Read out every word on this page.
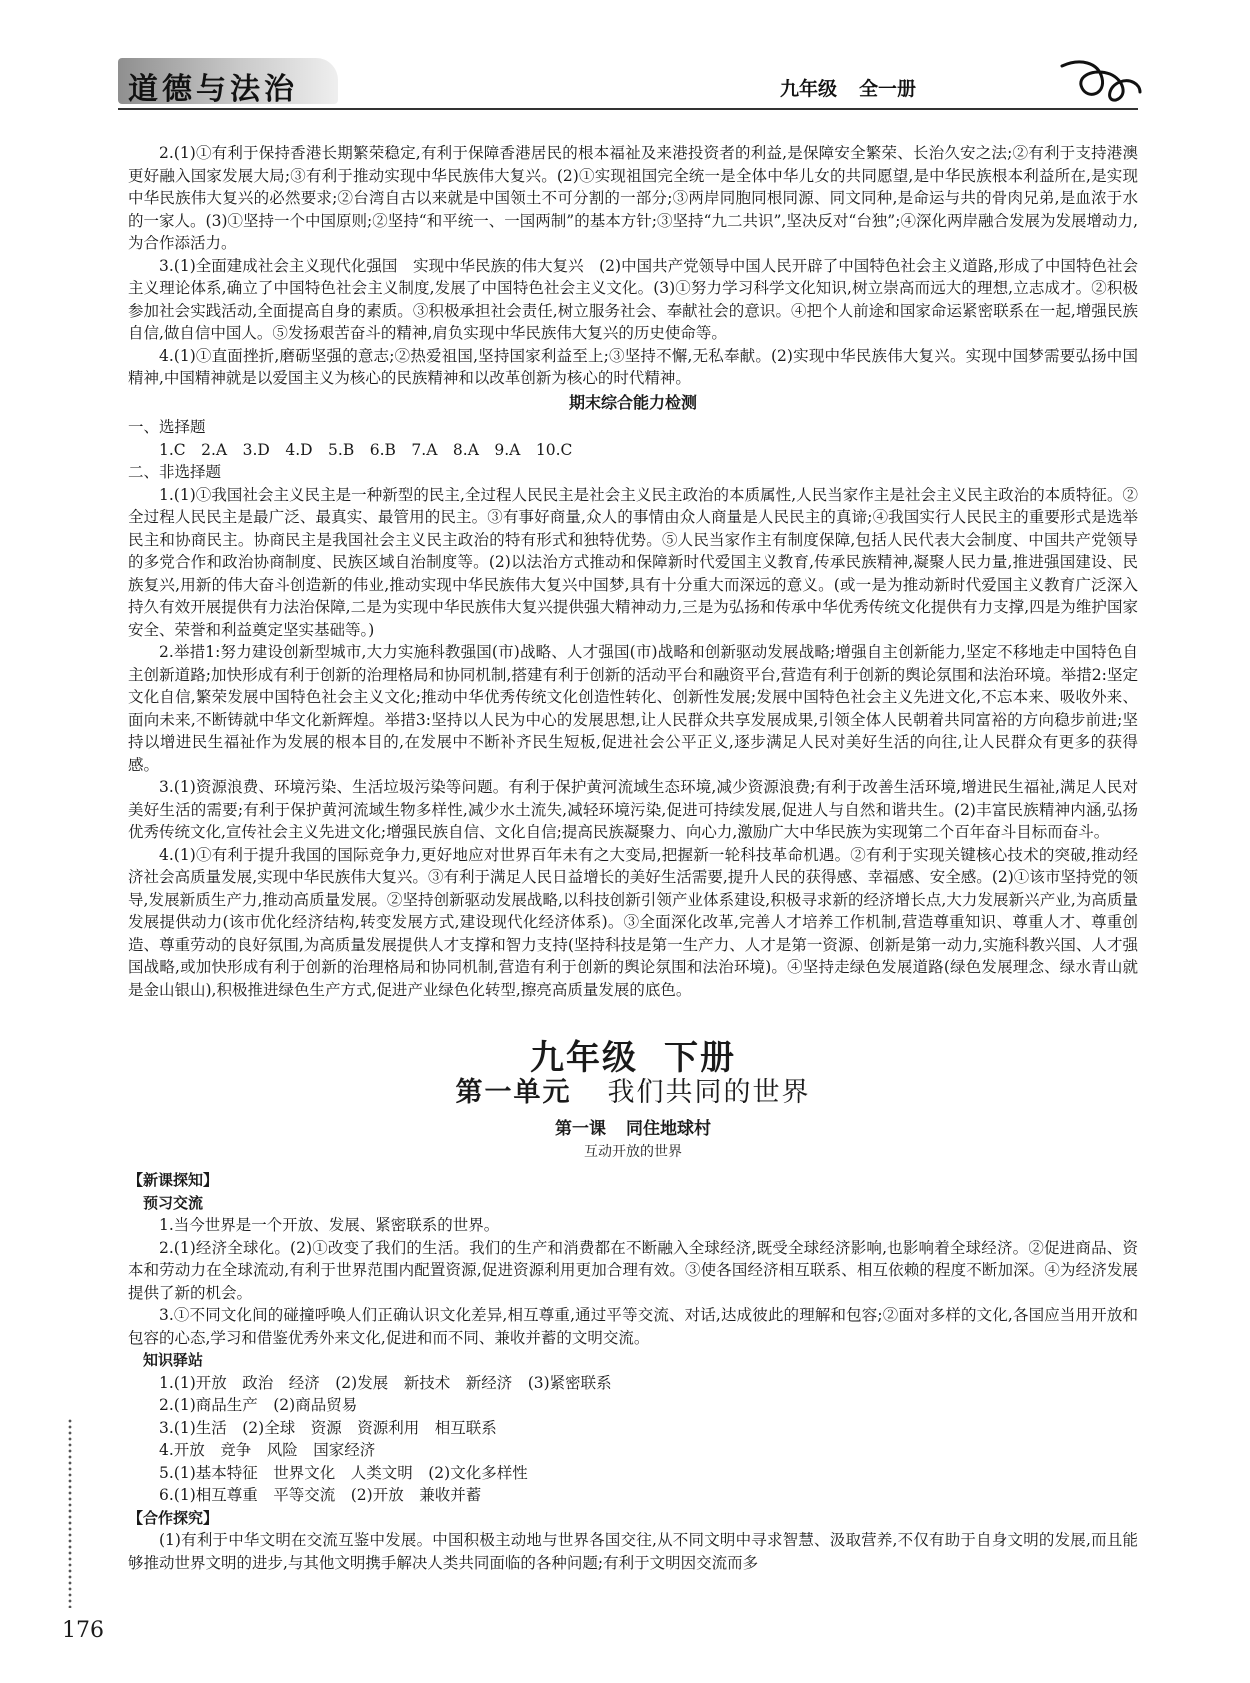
道德与法治	九年级 全一册

2.(1)①有利于保持香港长期繁荣稳定,有利于保障香港居民的根本福祉及来港投资者的利益,是保障安全繁荣、长治久安之法;②有利于支持港澳更好融入国家发展大局;③有利于推动实现中华民族伟大复兴。(2)①实现祖国完全统一是全体中华儿女的共同愿望,是中华民族根本利益所在,是实现中华民族伟大复兴的必然要求;②台湾自古以来就是中国领土不可分割的一部分;③两岸同胞同根同源、同文同种,是命运与共的骨肉兄弟,是血浓于水的一家人。(3)①坚持一个中国原则;②坚持“和平统一、一国两制”的基本方针;③坚持“九二共识”,坚决反对“台独”;④深化两岸融合发展为发展增动力,为合作添活力。

3.(1)全面建成社会主义现代化强国　实现中华民族的伟大复兴　(2)中国共产党领导中国人民开辟了中国特色社会主义道路,形成了中国特色社会主义理论体系,确立了中国特色社会主义制度,发展了中国特色社会主义文化。(3)①努力学习科学文化知识,树立崇高而远大的理想,立志成才。②积极参加社会实践活动,全面提高自身的素质。③积极承担社会责任,树立服务社会、奉献社会的意识。④把个人前途和国家命运紧密联系在一起,增强民族自信,做自信中国人。⑤发扬艰苦奋斗的精神,肩负实现中华民族伟大复兴的历史使命等。

4.(1)①直面挫折,磨砺坚强的意志;②热爱祖国,坚持国家利益至上;③坚持不懈,无私奉献。(2)实现中华民族伟大复兴。实现中国梦需要弘扬中国精神,中国精神就是以爱国主义为核心的民族精神和以改革创新为核心的时代精神。

期末综合能力检测

一、选择题

1.C　2.A　3.D　4.D　5.B　6.B　7.A　8.A　9.A　10.C

二、非选择题

1.(1)①我国社会主义民主是一种新型的民主,全过程人民民主是社会主义民主政治的本质属性,人民当家作主是社会主义民主政治的本质特征。②全过程人民民主是最广泛、最真实、最管用的民主。③有事好商量,众人的事情由众人商量是人民民主的真谛;④我国实行人民民主的重要形式是选举民主和协商民主。协商民主是我国社会主义民主政治的特有形式和独特优势。⑤人民当家作主有制度保障,包括人民代表大会制度、中国共产党领导的多党合作和政治协商制度、民族区域自治制度等。(2)以法治方式推动和保障新时代爱国主义教育,传承民族精神,凝聚人民力量,推进强国建设、民族复兴,用新的伟大奋斗创造新的伟业,推动实现中华民族伟大复兴中国梦,具有十分重大而深远的意义。(或一是为推动新时代爱国主义教育广泛深入持久有效开展提供有力法治保障,二是为实现中华民族伟大复兴提供强大精神动力,三是为弘扬和传承中华优秀传统文化提供有力支撑,四是为维护国家安全、荣誉和利益奠定坚实基础等。)

2.举措1:努力建设创新型城市,大力实施科教强国(市)战略、人才强国(市)战略和创新驱动发展战略;增强自主创新能力,坚定不移地走中国特色自主创新道路;加快形成有利于创新的治理格局和协同机制,搭建有利于创新的活动平台和融资平台,营造有利于创新的舆论氛围和法治环境。举措2:坚定文化自信,繁荣发展中国特色社会主义文化;推动中华优秀传统文化创造性转化、创新性发展;发展中国特色社会主义先进文化,不忘本来、吸收外来、面向未来,不断铸就中华文化新辉煌。举措3:坚持以人民为中心的发展思想,让人民群众共享发展成果,引领全体人民朝着共同富裕的方向稳步前进;坚持以增进民生福祉作为发展的根本目的,在发展中不断补齐民生短板,促进社会公平正义,逐步满足人民对美好生活的向往,让人民群众有更多的获得感。

3.(1)资源浪费、环境污染、生活垃圾污染等问题。有利于保护黄河流域生态环境,减少资源浪费;有利于改善生活环境,增进民生福祉,满足人民对美好生活的需要;有利于保护黄河流域生物多样性,减少水土流失,减轻环境污染,促进可持续发展,促进人与自然和谐共生。(2)丰富民族精神内涵,弘扬优秀传统文化,宣传社会主义先进文化;增强民族自信、文化自信;提高民族凝聚力、向心力,激励广大中华民族为实现第二个百年奋斗目标而奋斗。

4.(1)①有利于提升我国的国际竞争力,更好地应对世界百年未有之大变局,把握新一轮科技革命机遇。②有利于实现关键核心技术的突破,推动经济社会高质量发展,实现中华民族伟大复兴。③有利于满足人民日益增长的美好生活需要,提升人民的获得感、幸福感、安全感。(2)①该市坚持党的领导,发展新质生产力,推动高质量发展。②坚持创新驱动发展战略,以科技创新引领产业体系建设,积极寻求新的经济增长点,大力发展新兴产业,为高质量发展提供动力(该市优化经济结构,转变发展方式,建设现代化经济体系)。③全面深化改革,完善人才培养工作机制,营造尊重知识、尊重人才、尊重创造、尊重劳动的良好氛围,为高质量发展提供人才支撑和智力支持(坚持科技是第一生产力、人才是第一资源、创新是第一动力,实施科教兴国、人才强国战略,或加快形成有利于创新的治理格局和协同机制,营造有利于创新的舆论氛围和法治环境)。④坚持走绿色发展道路(绿色发展理念、绿水青山就是金山银山),积极推进绿色生产方式,促进产业绿色化转型,擦亮高质量发展的底色。

九年级 下册
第一单元 我们共同的世界
第一课 同住地球村
互动开放的世界

【新课探知】

预习交流

1.当今世界是一个开放、发展、紧密联系的世界。

2.(1)经济全球化。(2)①改变了我们的生活。我们的生产和消费都在不断融入全球经济,既受全球经济影响,也影响着全球经济。②促进商品、资本和劳动力在全球流动,有利于世界范围内配置资源,促进资源利用更加合理有效。③使各国经济相互联系、相互依赖的程度不断加深。④为经济发展提供了新的机会。

3.①不同文化间的碰撞呼唤人们正确认识文化差异,相互尊重,通过平等交流、对话,达成彼此的理解和包容;②面对多样的文化,各国应当用开放和包容的心态,学习和借鉴优秀外来文化,促进和而不同、兼收并蓄的文明交流。

知识驿站

1.(1)开放　政治　经济　(2)发展　新技术　新经济　(3)紧密联系

2.(1)商品生产　(2)商品贸易

3.(1)生活　(2)全球　资源　资源利用　相互联系

4.开放　竞争　风险　国家经济

5.(1)基本特征　世界文化　人类文明　(2)文化多样性

6.(1)相互尊重　平等交流　(2)开放　兼收并蓄

【合作探究】

(1)有利于中华文明在交流互鉴中发展。中国积极主动地与世界各国交往,从不同文明中寻求智慧、汲取营养,不仅有助于自身文明的发展,而且能够推动世界文明的进步,与其他文明携手解决人类共同面临的各种问题;有利于文明因交流而多

176
